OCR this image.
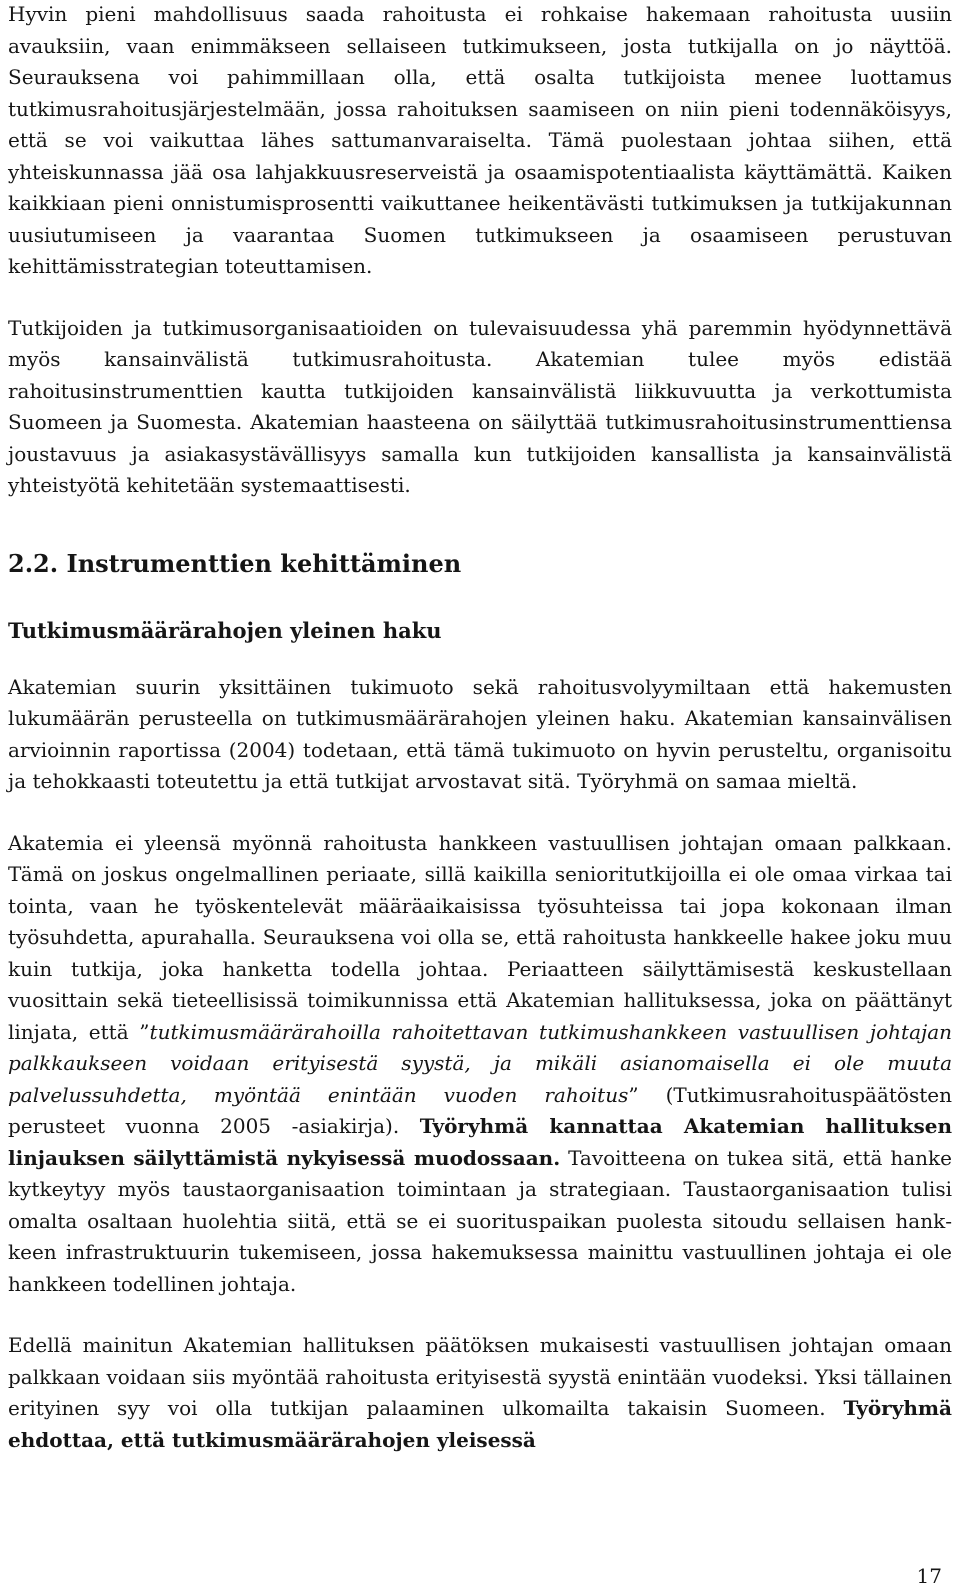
Hyvin pieni mahdollisuus saada rahoitusta ei rohkaise hakemaan rahoitusta uusiin avauksiin, vaan enimmäkseen sellaiseen tutkimukseen, josta tutkijalla on jo näyttöä. Seurauksena voi pahimmillaan olla, että osalta tutkijoista menee luottamus tutkimusrahoitusjärjestelmään, jossa rahoituksen saamiseen on niin pieni todennäköisyys, että se voi vaikuttaa lähes sattumanvaraiselta. Tämä puolestaan johtaa siihen, että yhteiskunnassa jää osa lahjakkuusreserveistä ja osaamispotentiaalista käyttämättä. Kaiken kaikkiaan pieni onnistumisprosentti vaikuttanee heikentävästi tutkimuksen ja tutkijakunnan uusiutumiseen ja vaarantaa Suomen tutkimukseen ja osaamiseen perustuvan kehittämisstrategian toteuttamisen.

Tutkijoiden ja tutkimusorganisaatioiden on tulevaisuudessa yhä paremmin hyödynnettävä myös kansainvälistä tutkimusrahoitusta. Akatemian tulee myös edistää rahoitusinstrumenttien kautta tutkijoiden kansainvälistä liikkuvuutta ja verkottumista Suomeen ja Suomesta. Akatemian haasteena on säilyttää tutkimusrahoitusinstrumenttiensa joustavuus ja asiakasystävällisyys samalla kun tutkijoiden kansallista ja kansainvälistä yhteistyötä kehitetään systemaattisesti.

2.2. Instrumenttien kehittäminen
Tutkimusmäärärahojen yleinen haku

Akatemian suurin yksittäinen tukimuoto sekä rahoitusvolyymiltaan että hakemusten lukumäärän perusteella on tutkimusmäärärahojen yleinen haku. Akatemian kansainvälisen arvioinnin raportissa (2004) todetaan, että tämä tukimuoto on hyvin perusteltu, organisoitu ja tehokkaasti toteutettu ja että tutkijat arvostavat sitä. Työryhmä on samaa mieltä.

Akatemia ei yleensä myönnä rahoitusta hankkeen vastuullisen johtajan omaan palkkaan. Tämä on joskus ongelmallinen periaate, sillä kaikilla senioritutkijoilla ei ole omaa virkaa tai tointa, vaan he työskentelevät määräaikaisissa työsuhteissa tai jopa kokonaan ilman työsuhdetta, apurahalla. Seurauksena voi olla se, että rahoitusta hankkeelle hakee joku muu kuin tutkija, joka hanketta todella johtaa. Periaatteen säilyttämisestä keskustellaan vuosittain sekä tieteellisissä toimikunnissa että Akatemian hallituksessa, joka on päättänyt linjata, että ”tutkimusmäärärahoilla rahoitettavan tutkimushankkeen vastuullisen johtajan palkkaukseen voidaan erityisestä syystä, ja mikäli asianomaisella ei ole muuta palvelussuhdetta, myöntää enintään vuoden rahoitus” (Tutkimusrahoituspäätösten perusteet vuonna 2005 -asiakirja). Työryhmä kannattaa Akatemian hallituksen linjauksen säilyttämistä nykyisessä muodossaan. Tavoitteena on tukea sitä, että hanke kytkeytyy myös taustaorganisaation toimintaan ja strategiaan. Taustaorganisaation tulisi omalta osaltaan huolehtia siitä, että se ei suorituspaikan puolesta sitoudu sellaisen hankkeen infrastruktuurin tukemiseen, jossa hakemuksessa mainittu vastuullinen johtaja ei ole hankkeen todellinen johtaja.

Edellä mainitun Akatemian hallituksen päätöksen mukaisesti vastuullisen johtajan omaan palkkaan voidaan siis myöntää rahoitusta erityisestä syystä enintään vuodeksi. Yksi tällainen erityinen syy voi olla tutkijan palaaminen ulkomailta takaisin Suomeen. Työryhmä ehdottaa, että tutkimusmäärärahojen yleisessä

17
